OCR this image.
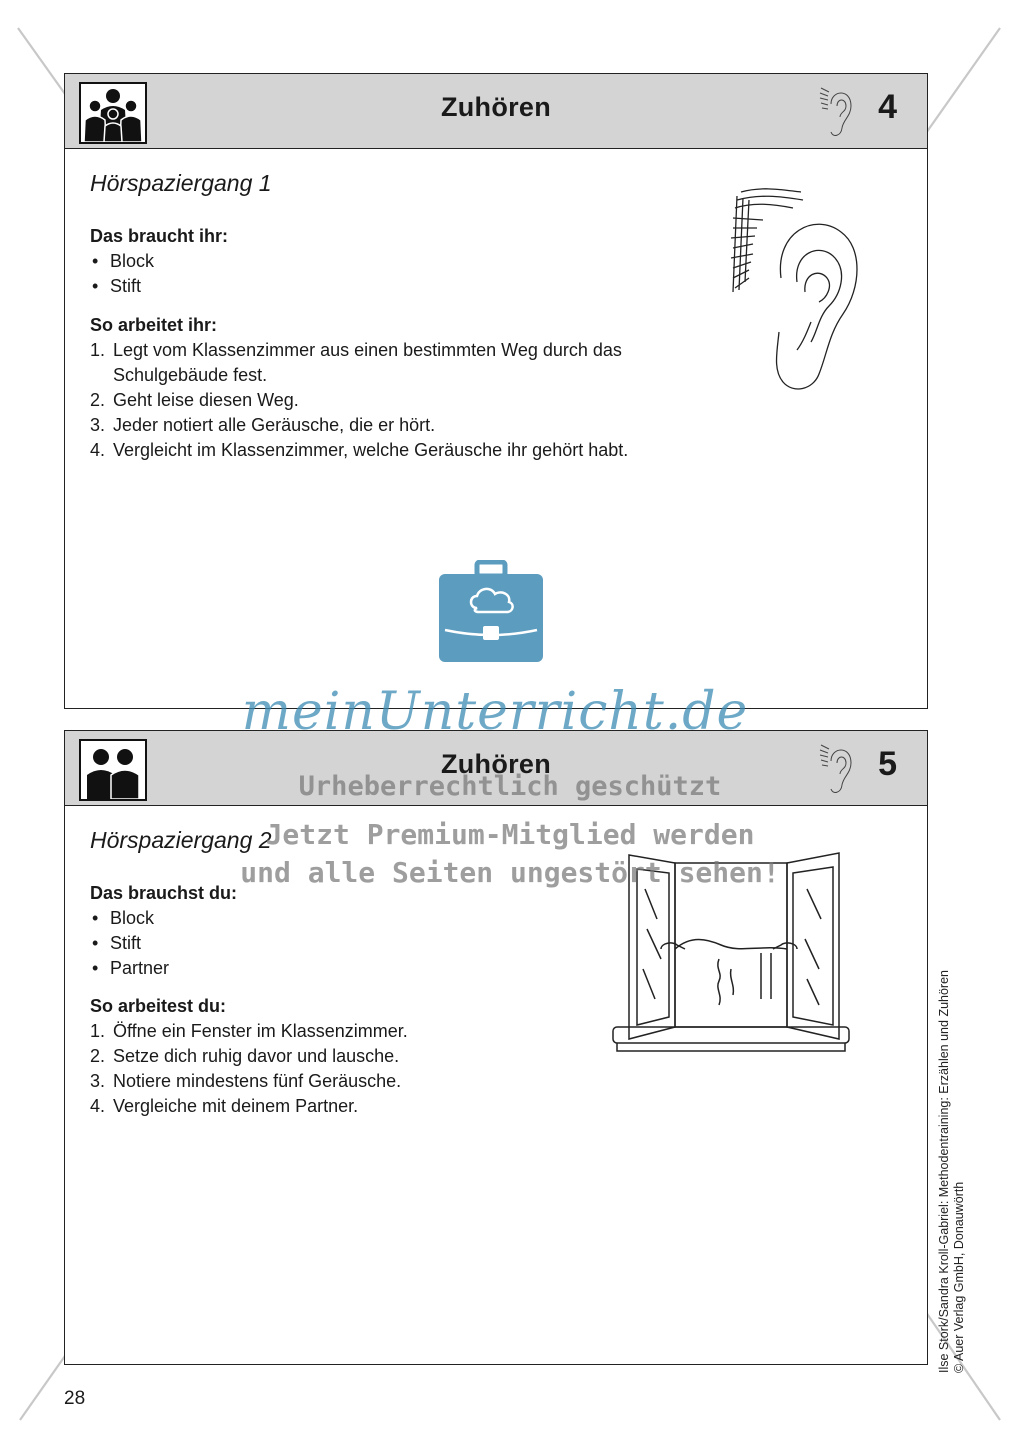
Zuhören	4
Hörspaziergang 1
Das braucht ihr:
• Block
• Stift
So arbeitet ihr:
1. Legt vom Klassenzimmer aus einen bestimmten Weg durch das Schulgebäude fest.
2. Geht leise diesen Weg.
3. Jeder notiert alle Geräusche, die er hört.
4. Vergleicht im Klassenzimmer, welche Geräusche ihr gehört habt.
Zuhören	5
Hörspaziergang 2
Das brauchst du:
• Block
• Stift
• Partner
So arbeitest du:
1. Öffne ein Fenster im Klassenzimmer.
2. Setze dich ruhig davor und lausche.
3. Notiere mindestens fünf Geräusche.
4. Vergleiche mit deinem Partner.
meinUnterricht.de
Urheberrechtlich geschützt
Jetzt Premium-Mitglied werden
und alle Seiten ungestört sehen!
28
Ilse Stork/Sandra Kroll-Gabriel: Methodentraining: Erzählen und Zuhören © Auer Verlag GmbH, Donauwörth
